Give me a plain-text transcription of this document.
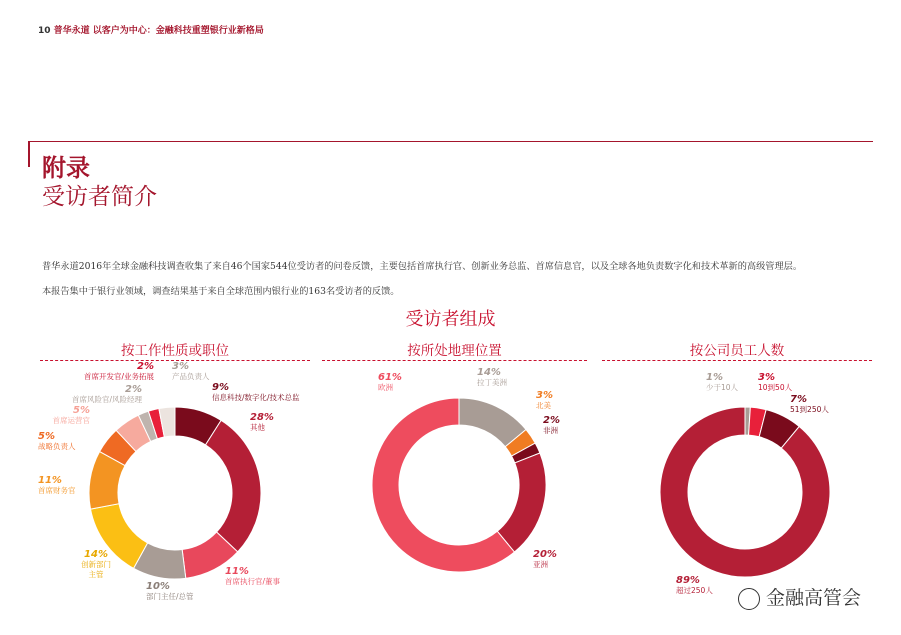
10 普华永道 以客户为中心：金融科技重塑银行业新格局
附录
受访者简介
普华永道2016年全球金融科技调查收集了来自46个国家544位受访者的问卷反馈，主要包括首席执行官、创新业务总监、首席信息官，以及全球各地负责数字化和技术革新的高级管理层。
本报告集中于银行业领域，调查结果基于来自全球范围内银行业的163名受访者的反馈。
受访者组成
按工作性质或职位	按所处地理位置	按公司员工人数
9%
信息科技/数字化/技术总监
28%
其他
11%
首席执行官/董事
10%
部门主任/总管
14%
创新部门主管
11%
首席财务官
5%
战略负责人
5%
首席运营官
2%
首席风险官/风险经理
2%
首席开发官/业务拓展
3%
产品负责人	14%
拉丁美洲
3%
北美
2%
非洲
20%
亚洲
61%
欧洲
1%
少于10人
3%
10到50人
7%
51到250人
89%
超过250人	金融高管会
